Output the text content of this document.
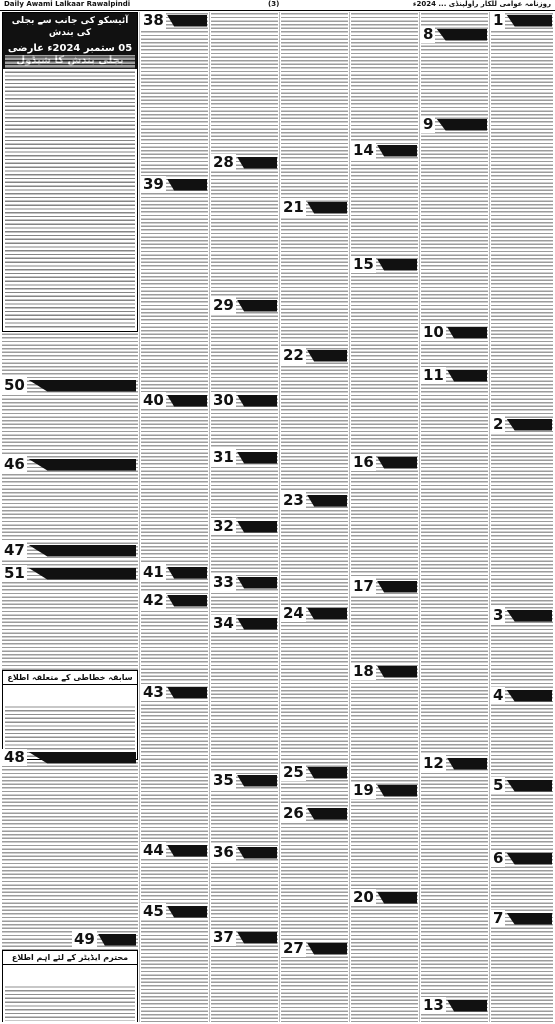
Daily Awami Lalkaar Rawalpindi	(3)	روزنامہ عوامی للکار راولپنڈی ... 2024ء
آئیسکو کی جانب سے بجلی کی بندش
05 ستمبر 2024ء عارضی
50
46
47
51
سابقہ خطاطی کے متعلقہ اطلاع
48
محترم ایڈیٹر کے لئے اہم اطلاع
49
38
39
40
41
42
43
44
45
28
29
30
31
32
33
34
35
36
37
21
22
23
24
25
26
27
14
15
16
17
18
19
20
8
9
10
11
12
13
1
2
3
4
5
6
7
